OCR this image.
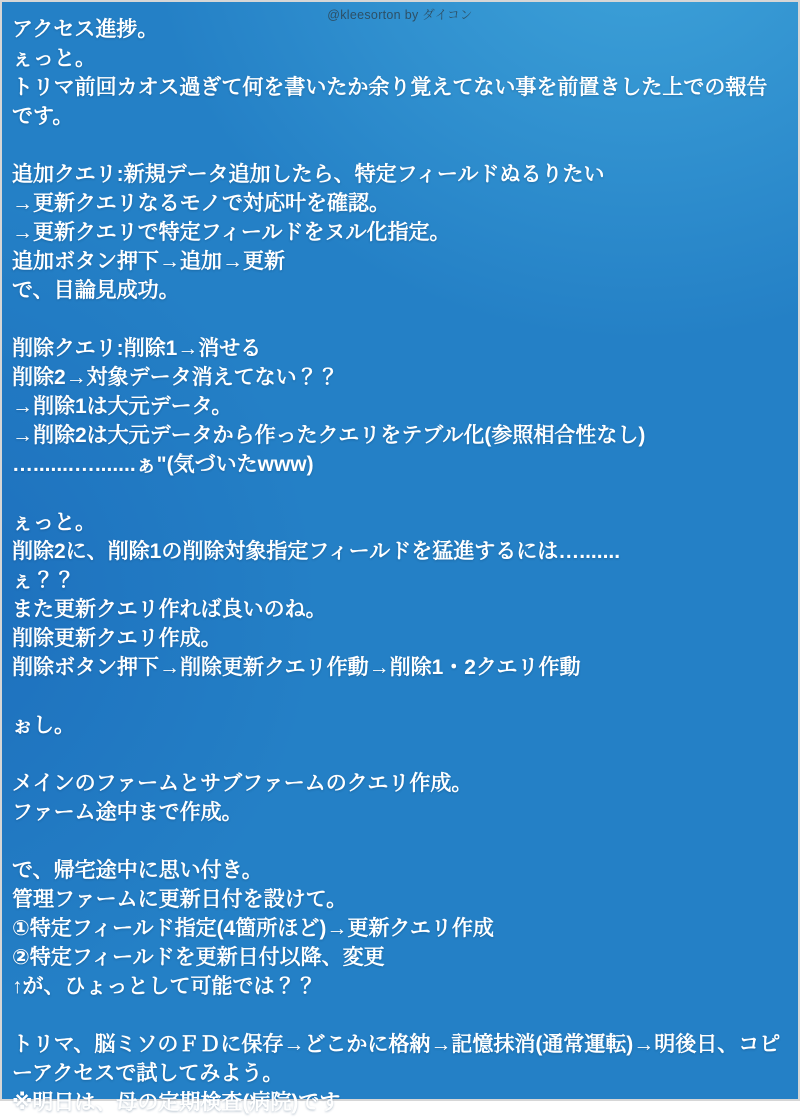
@kleesorton by ダイコン
アクセス進捗。
ぇっと。
トリマ前回カオス過ぎて何を書いたか余り覚えてない事を前置きした上での報告です。
追加クエリ:新規データ追加したら、特定フィールドぬるりたい
→更新クエリなるモノで対応叶を確認。
→更新クエリで特定フィールドをヌル化指定。
追加ボタン押下→追加→更新
で、目論見成功。
削除クエリ:削除1→消せる
削除2→対象データ消えてない？？
→削除1は大元データ。
→削除2は大元データから作ったクエリをテブル化(参照相合性なし)
….......….......ぁ"(気づいたwww)
ぇっと。
削除2に、削除1の削除対象指定フィールドを猛進するには….......
ぇ？？
また更新クエリ作れば良いのね。
削除更新クエリ作成。
削除ボタン押下→削除更新クエリ作動→削除1・2クエリ作動
ぉし。
メインのファームとサブファームのクエリ作成。
ファーム途中まで作成。
で、帰宅途中に思い付き。
管理ファームに更新日付を設けて。
①特定フィールド指定(4箇所ほど)→更新クエリ作成
②特定フィールドを更新日付以降、変更
↑が、ひょっとして可能では？？
トリマ、脳ミソのＦＤに保存→どこかに格納→記憶抹消(通常運転)→明後日、コピーアクセスで試してみよう。
※明日は、母の定期検査(病院)です
